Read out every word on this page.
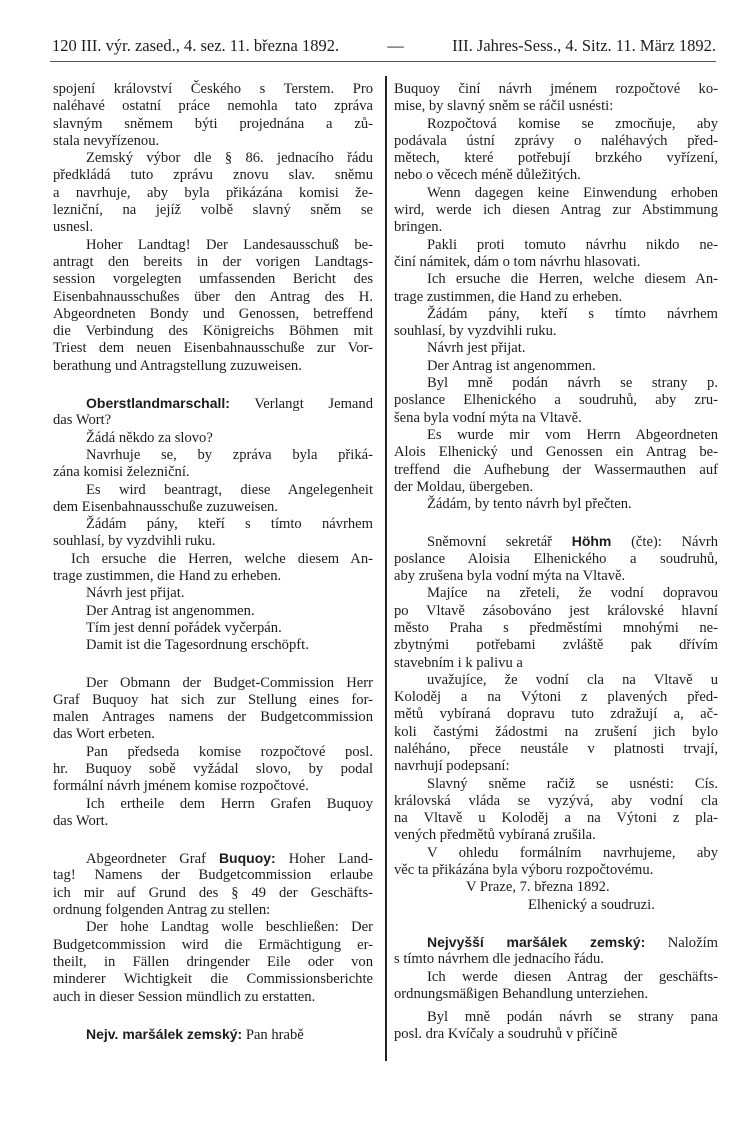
120 III. výr. zased., 4. sez. 11. března 1892.	—	III. Jahres-Sess., 4. Sitz. 11. März 1892.
spojení království Českého s Terstem. Pro
naléhavé ostatní práce nemohla tato zpráva
slavným sněmem býti projednána a zů-
stala nevyřízenou.
Zemský výbor dle § 86. jednacího řádu
předkládá tuto zprávu znovu slav. sněmu
a navrhuje, aby byla přikázána komisi že-
lezniční, na jejíž volbě slavný sněm se
usnesl.
Hoher Landtag! Der Landesausschuß be-
antragt den bereits in der vorigen Landtags-
session vorgelegten umfassenden Bericht des
Eisenbahnausschußes über den Antrag des H.
Abgeordneten Bondy und Genossen, betreffend
die Verbindung des Königreichs Böhmen mit
Triest dem neuen Eisenbahnausschuße zur Vor-
berathung und Antragstellung zuzuweisen.
Oberstlandmarschall: Verlangt Jemand
das Wort?
Žádá někdo za slovo?
Navrhuje se, by zpráva byla přiká-
zána komisi železniční.
Es wird beantragt, diese Angelegenheit
dem Eisenbahnausschuße zuzuweisen.
Žádám pány, kteří s tímto návrhem
souhlasí, by vyzdvihli ruku.
Ich ersuche die Herren, welche diesem An-
trage zustimmen, die Hand zu erheben.
Návrh jest přijat.
Der Antrag ist angenommen.
Tím jest denní pořádek vyčerpán.
Damit ist die Tagesordnung erschöpft.
Der Obmann der Budget-Commission Herr
Graf Buquoy hat sich zur Stellung eines for-
malen Antrages namens der Budgetcommission
das Wort erbeten.
Pan předseda komise rozpočtové posl.
hr. Buquoy sobě vyžádal slovo, by podal
formální návrh jménem komise rozpočtové.
Ich ertheile dem Herrn Grafen Buquoy
das Wort.
Abgeordneter Graf Buquoy: Hoher Land-
tag! Namens der Budgetcommission erlaube
ich mir auf Grund des § 49 der Geschäfts-
ordnung folgenden Antrag zu stellen:
Der hohe Landtag wolle beschließen: Der
Budgetcommission wird die Ermächtigung er-
theilt, in Fällen dringender Eile oder von
minderer Wichtigkeit die Commissionsberichte
auch in dieser Session mündlich zu erstatten.
Nejv. maršálek zemský: Pan hrabě
Buquoy činí návrh jménem rozpočtové ko-
mise, by slavný sněm se ráčil usnésti:
Rozpočtová komise se zmocňuje, aby
podávala ústní zprávy o naléhavých před-
mětech, které potřebují brzkého vyřízení,
nebo o věcech méně důležitých.
Wenn dagegen keine Einwendung erhoben
wird, werde ich diesen Antrag zur Abstimmung
bringen.
Pakli proti tomuto návrhu nikdo ne-
činí námitek, dám o tom návrhu hlasovati.
Ich ersuche die Herren, welche diesem An-
trage zustimmen, die Hand zu erheben.
Žádám pány, kteří s tímto návrhem
souhlasí, by vyzdvihli ruku.
Návrh jest přijat.
Der Antrag ist angenommen.
Byl mně podán návrh se strany p.
poslance Elhenického a soudruhů, aby zru-
šena byla vodní mýta na Vltavě.
Es wurde mir vom Herrn Abgeordneten
Alois Elhenický und Genossen ein Antrag be-
treffend die Aufhebung der Wassermauthen auf
der Moldau, übergeben.
Žádám, by tento návrh byl přečten.
Sněmovní sekretář Höhm (čte): Návrh
poslance Aloisia Elhenického a soudruhů,
aby zrušena byla vodní mýta na Vltavě.
Majíce na zřeteli, že vodní dopravou
po Vltavě zásobováno jest královské hlavní
město Praha s předměstími mnohými ne-
zbytnými potřebami zvláště pak dřívím
stavebním i k palivu a
uvažujíce, že vodní cla na Vltavě u
Koloděj a na Výtoni z plavených před-
mětů vybíraná dopravu tuto zdražují a, ač-
koli častými žádostmi na zrušení jich bylo
naléháno, přece neustále v platnosti trvají,
navrhují podepsaní:
Slavný sněme račiž se usnésti: Cís.
královská vláda se vyzývá, aby vodní cla
na Vltavě u Koloděj a na Výtoni z pla-
vených předmětů vybíraná zrušila.
V ohledu formálním navrhujeme, aby
věc ta přikázána byla výboru rozpočtovému.
V Praze, 7. března 1892.
Elhenický a soudruzi.
Nejvyšší maršálek zemský: Naložím
s tímto návrhem dle jednacího řádu.
Ich werde diesen Antrag der geschäfts-
ordnungsmäßigen Behandlung unterziehen.
Byl mně podán návrh se strany pana
posl. dra Kvíčaly a soudruhů v příčině
